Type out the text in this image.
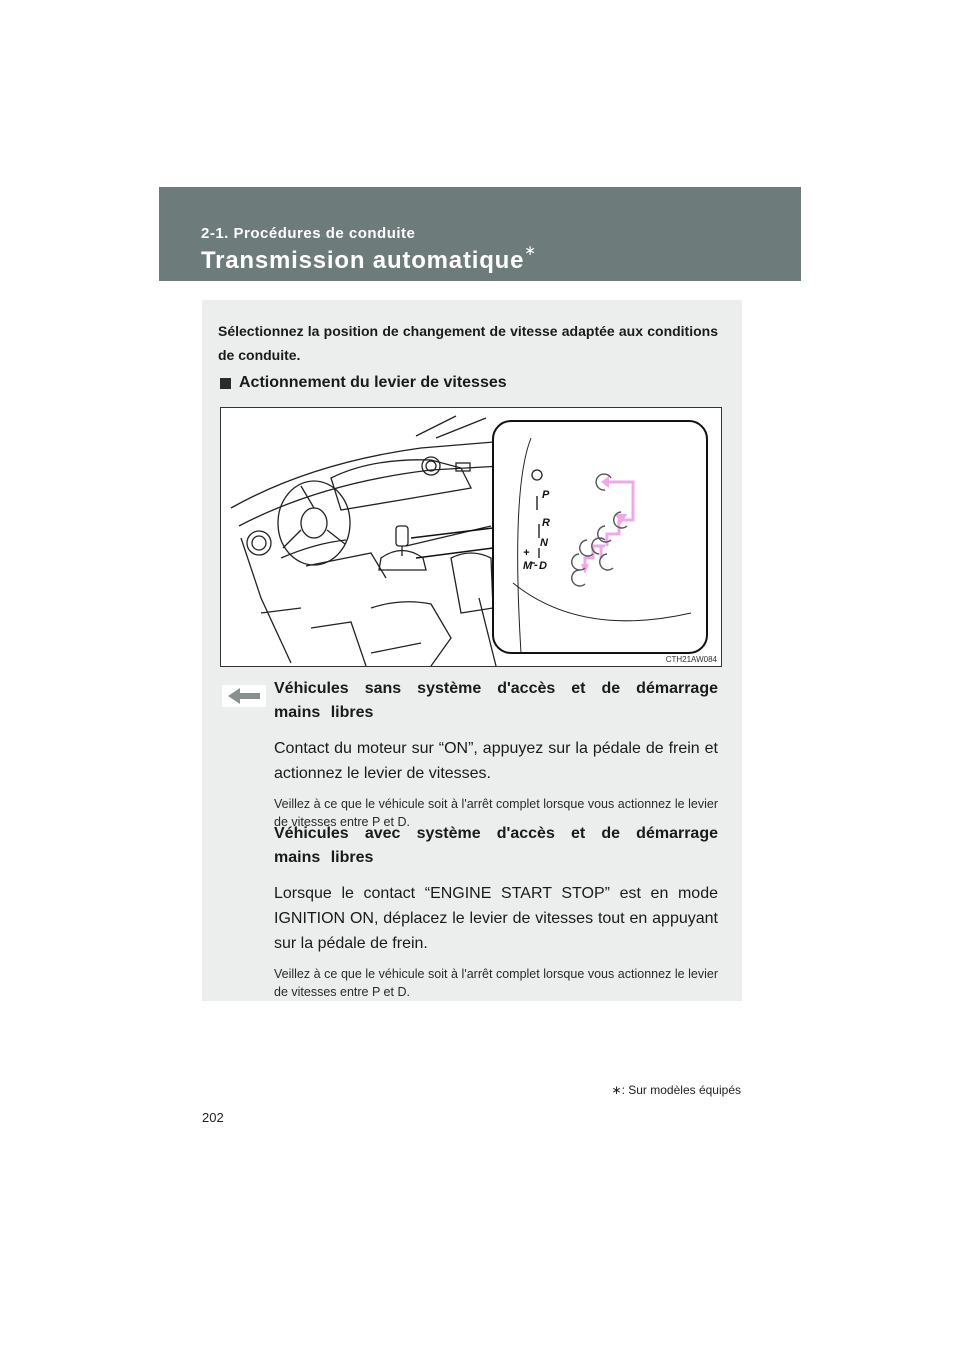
2-1. Procédures de conduite
Transmission automatique∗
Sélectionnez la position de changement de vitesse adaptée aux conditions de conduite.
Actionnement du levier de vitesses
P
R
N
D
M
+
-
CTH21AW084
Véhicules sans système d'accès et de démarrage mains libres
Contact du moteur sur “ON”, appuyez sur la pédale de frein et actionnez le levier de vitesses.
Veillez à ce que le véhicule soit à l'arrêt complet lorsque vous actionnez le levier de vitesses entre P et D.
Véhicules avec système d'accès et de démarrage mains libres
Lorsque le contact “ENGINE START STOP” est en mode IGNITION ON, déplacez le levier de vitesses tout en appuyant sur la pédale de frein.
Veillez à ce que le véhicule soit à l'arrêt complet lorsque vous actionnez le levier de vitesses entre P et D.
∗: Sur modèles équipés
202
